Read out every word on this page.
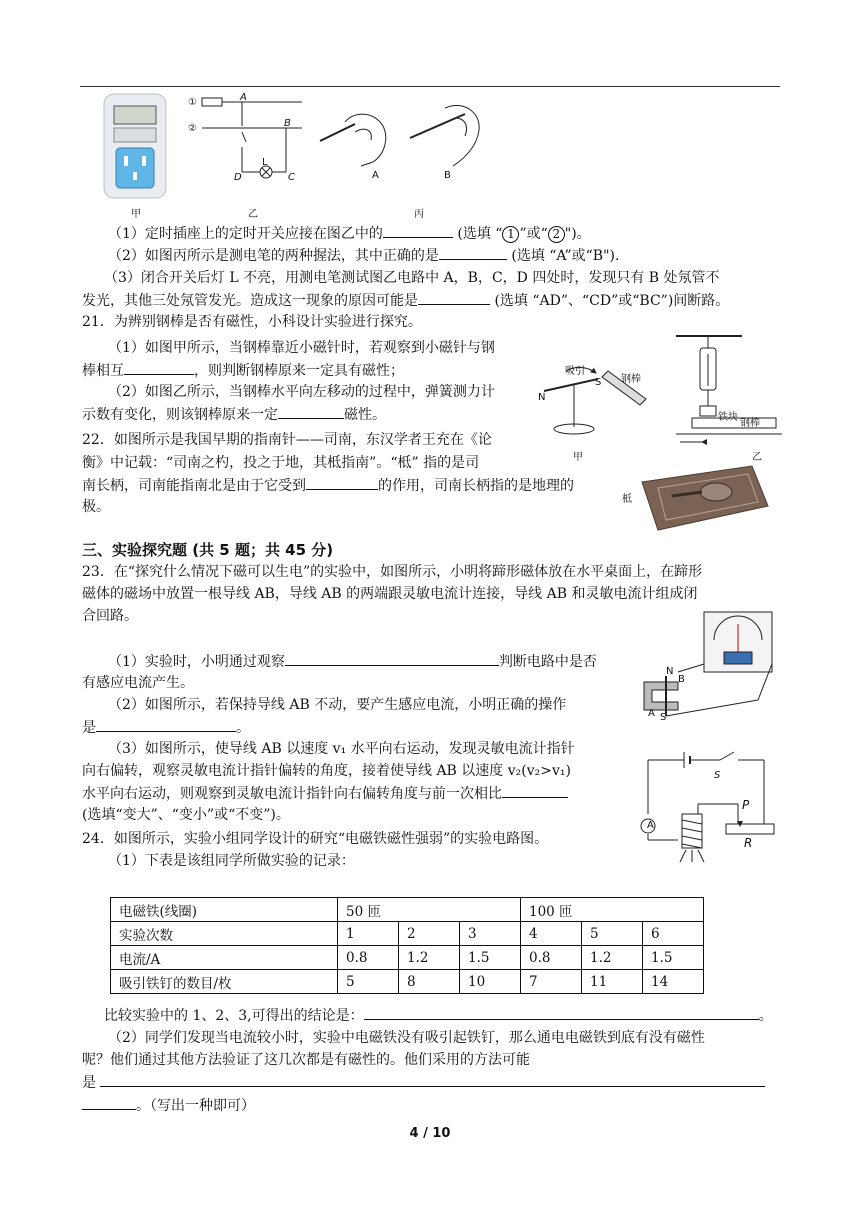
甲
①
②
A
B
L
D	C
乙
A	B
丙
（1）定时插座上的定时开关应接在图乙中的	(选填 “ 1 ”或“ 2 ")。
（2）如图丙所示是测电笔的两种握法，其中正确的是	(选填 “A”或“B").
（3）闭合开关后灯 L 不亮，用测电笔测试图乙电路中 A，B，C，D 四处时，发现只有 B 处氖管不
发光，其他三处氖管发光。造成这一现象的原因可能是	(选填 “AD”、“CD”或“BC”)间断路。
21．为辨别钢棒是否有磁性，小科设计实验进行探究。
（1）如图甲所示，当钢棒靠近小磁针时，若观察到小磁针与钢
棒相互	，则判断钢棒原来一定具有磁性；
（2）如图乙所示，当钢棒水平向左移动的过程中，弹簧测力计
示数有变化，则该钢棒原来一定	磁性。
吸引
钢棒
S
N
甲
铁块
钢棒
乙
22．如图所示是我国早期的指南针——司南，东汉学者王充在《论
衡》中记载：“司南之杓，投之于地，其柢指南”。“柢” 指的是司
南长柄，司南能指南北是由于它受到	的作用，司南长柄指的是地理的
极。	柢
三、实验探究题 (共 5 题；共 45 分)
23．在“探究什么情况下磁可以生电”的实验中，如图所示，小明将蹄形磁体放在水平桌面上，在蹄形
磁体的磁场中放置一根导线 AB，导线 AB 的两端跟灵敏电流计连接，导线 AB 和灵敏电流计组成闭
合回路。
（1）实验时，小明通过观察	判断电路中是否
有感应电流产生。
（2）如图所示，若保持导线 AB 不动，要产生感应电流，小明正确的操作
是	。
（3）如图所示，使导线 AB 以速度 v₁ 水平向右运动，发现灵敏电流计指针
向右偏转，观察灵敏电流计指针偏转的角度，接着使导线 AB 以速度 v₂(v₂>v₁)
水平向右运动，则观察到灵敏电流计指针向右偏转角度与前一次相比
(选填“变大”、“变小”或“不变”)。
N
B
A S
24．如图所示，实验小组同学设计的研究“电磁铁磁性强弱”的实验电路图。
（1）下表是该组同学所做实验的记录：
A
S
P
R
电磁铁(线圈)	50 匝			100 匝		
实验次数	1	2	3	4	5	6
电流/A	0.8	1.2	1.5	0.8	1.2	1.5
吸引铁钉的数目/枚	5	8	10	7	11	14
比较实验中的 1、2、3,可得出的结论是：	。
（2）同学们发现当电流较小时，实验中电磁铁没有吸引起铁钉，那么通电电磁铁到底有没有磁性
呢？他们通过其他方法验证了这几次都是有磁性的。他们采用的方法可能
是
。（写出一种即可）
4 / 10
